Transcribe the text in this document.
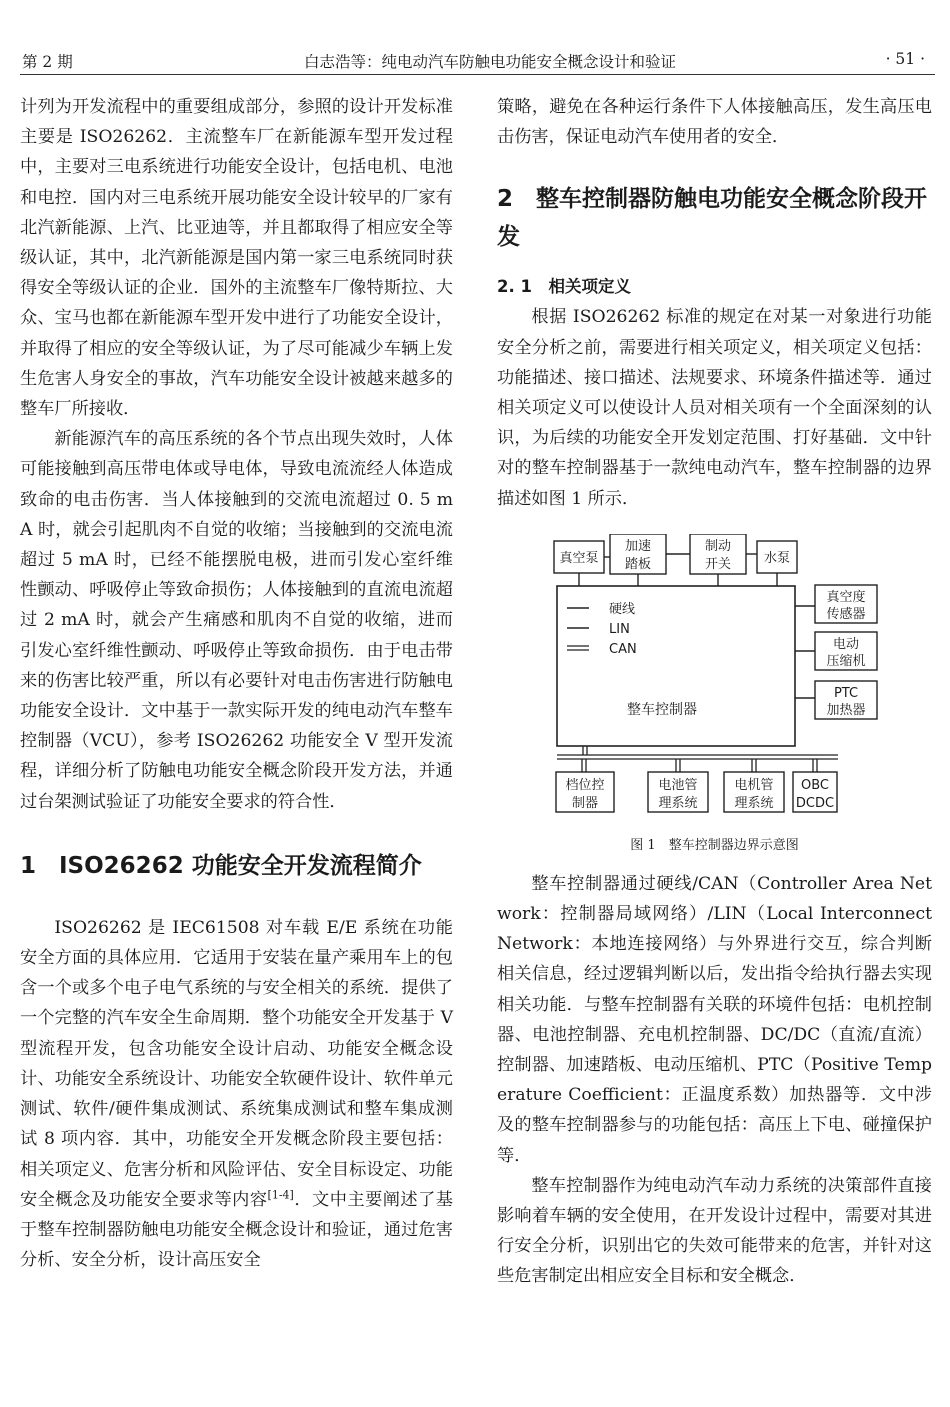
第 2 期	白志浩等：纯电动汽车防触电功能安全概念设计和验证	· 51 ·

计列为开发流程中的重要组成部分，参照的设计开发标准主要是 ISO26262．主流整车厂在新能源车型开发过程中，主要对三电系统进行功能安全设计，包括电机、电池和电控．国内对三电系统开展功能安全设计较早的厂家有北汽新能源、上汽、比亚迪等，并且都取得了相应安全等级认证，其中，北汽新能源是国内第一家三电系统同时获得安全等级认证的企业．国外的主流整车厂像特斯拉、大众、宝马也都在新能源车型开发中进行了功能安全设计，并取得了相应的安全等级认证，为了尽可能减少车辆上发生危害人身安全的事故，汽车功能安全设计被越来越多的整车厂所接收．

新能源汽车的高压系统的各个节点出现失效时，人体可能接触到高压带电体或导电体，导致电流流经人体造成致命的电击伤害．当人体接触到的交流电流超过 0. 5 mA 时，就会引起肌肉不自觉的收缩；当接触到的交流电流超过 5 mA 时，已经不能摆脱电极，进而引发心室纤维性颤动、呼吸停止等致命损伤；人体接触到的直流电流超过 2 mA 时，就会产生痛感和肌肉不自觉的收缩，进而引发心室纤维性颤动、呼吸停止等致命损伤．由于电击带来的伤害比较严重，所以有必要针对电击伤害进行防触电功能安全设计．文中基于一款实际开发的纯电动汽车整车控制器（VCU），参考 ISO26262 功能安全 V 型开发流程，详细分析了防触电功能安全概念阶段开发方法，并通过台架测试验证了功能安全要求的符合性．

1　ISO26262 功能安全开发流程简介

ISO26262 是 IEC61508 对车载 E/E 系统在功能安全方面的具体应用．它适用于安装在量产乘用车上的包含一个或多个电子电气系统的与安全相关的系统．提供了一个完整的汽车安全生命周期．整个功能安全开发基于 V 型流程开发，包含功能安全设计启动、功能安全概念设计、功能安全系统设计、功能安全软硬件设计、软件单元测试、软件/硬件集成测试、系统集成测试和整车集成测试 8 项内容．其中，功能安全开发概念阶段主要包括：相关项定义、危害分析和风险评估、安全目标设定、功能安全概念及功能安全要求等内容[1-4]．文中主要阐述了基于整车控制器防触电功能安全概念设计和验证，通过危害分析、安全分析，设计高压安全

策略，避免在各种运行条件下人体接触高压，发生高压电击伤害，保证电动汽车使用者的安全．

2　整车控制器防触电功能安全概念阶段开发
2. 1　相关项定义

根据 ISO26262 标准的规定在对某一对象进行功能安全分析之前，需要进行相关项定义，相关项定义包括：功能描述、接口描述、法规要求、环境条件描述等．通过相关项定义可以使设计人员对相关项有一个全面深刻的认识，为后续的功能安全开发划定范围、打好基础．文中针对的整车控制器基于一款纯电动汽车，整车控制器的边界描述如图 1 所示．

真空泵
加速
踏板
制动
开关	水泵
硬线
LIN
CAN
整车控制器
真空度
传感器
电动
压缩机
PTC
加热器
档位控
制器
电池管
理系统
电机管
理系统
OBC
DCDC
图 1　整车控制器边界示意图

整车控制器通过硬线/CAN（Controller Area Network：控制器局域网络）/LIN（Local Interconnect Network：本地连接网络）与外界进行交互，综合判断相关信息，经过逻辑判断以后，发出指令给执行器去实现相关功能．与整车控制器有关联的环境件包括：电机控制器、电池控制器、充电机控制器、DC/DC（直流/直流）控制器、加速踏板、电动压缩机、PTC（Positive Temperature Coefficient：正温度系数）加热器等．文中涉及的整车控制器参与的功能包括：高压上下电、碰撞保护等．

整车控制器作为纯电动汽车动力系统的决策部件直接影响着车辆的安全使用，在开发设计过程中，需要对其进行安全分析，识别出它的失效可能带来的危害，并针对这些危害制定出相应安全目标和安全概念．
